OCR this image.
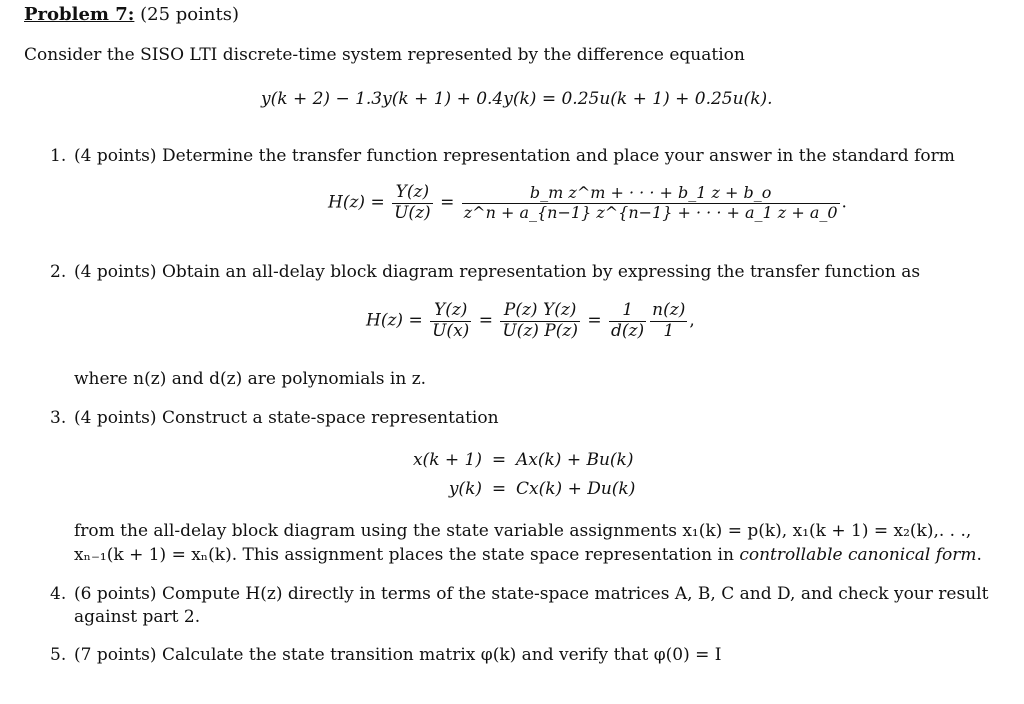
Problem 7: (25 points)
Consider the SISO LTI discrete-time system represented by the difference equation
y(k + 2) − 1.3y(k + 1) + 0.4y(k) = 0.25u(k + 1) + 0.25u(k).
1. (4 points) Determine the transfer function representation and place your answer in the standard form
$H(z) = \frac{Y(z)}{U(z)} = \frac{\text{b\_m z\textasciicircum{}m + · · · + b\_1 z + b\_o}}{z\^{}n + a\_\{n-1\} z\^{}\{n-1\} + \cdot \cdot \cdot + a\_1 z + a\_0}$ .
2. (4 points) Obtain an all-delay block diagram representation by expressing the transfer function as
$H(z) = \frac{Y(z)}{U(x)} = \frac{P(z) Y(z)}{U(z) P(z)} = \frac{1}{d(z)} \frac{n(z)}{1}$ ,
where n(z) and d(z) are polynomials in z.
3. (4 points) Construct a state-space representation
x(k + 1) = Ax(k) + Bu(k)
y(k) = Cx(k) + Du(k)
from the all-delay block diagram using the state variable assignments x₁(k) = p(k), x₁(k + 1) = x₂(k),. . .,
xₙ₋₁(k + 1) = xₙ(k). This assignment places the state space representation in controllable canonical form.
4. (6 points) Compute H(z) directly in terms of the state-space matrices A, B, C and D, and check your result
against part 2.
5. (7 points) Calculate the state transition matrix φ(k) and verify that φ(0) = I
